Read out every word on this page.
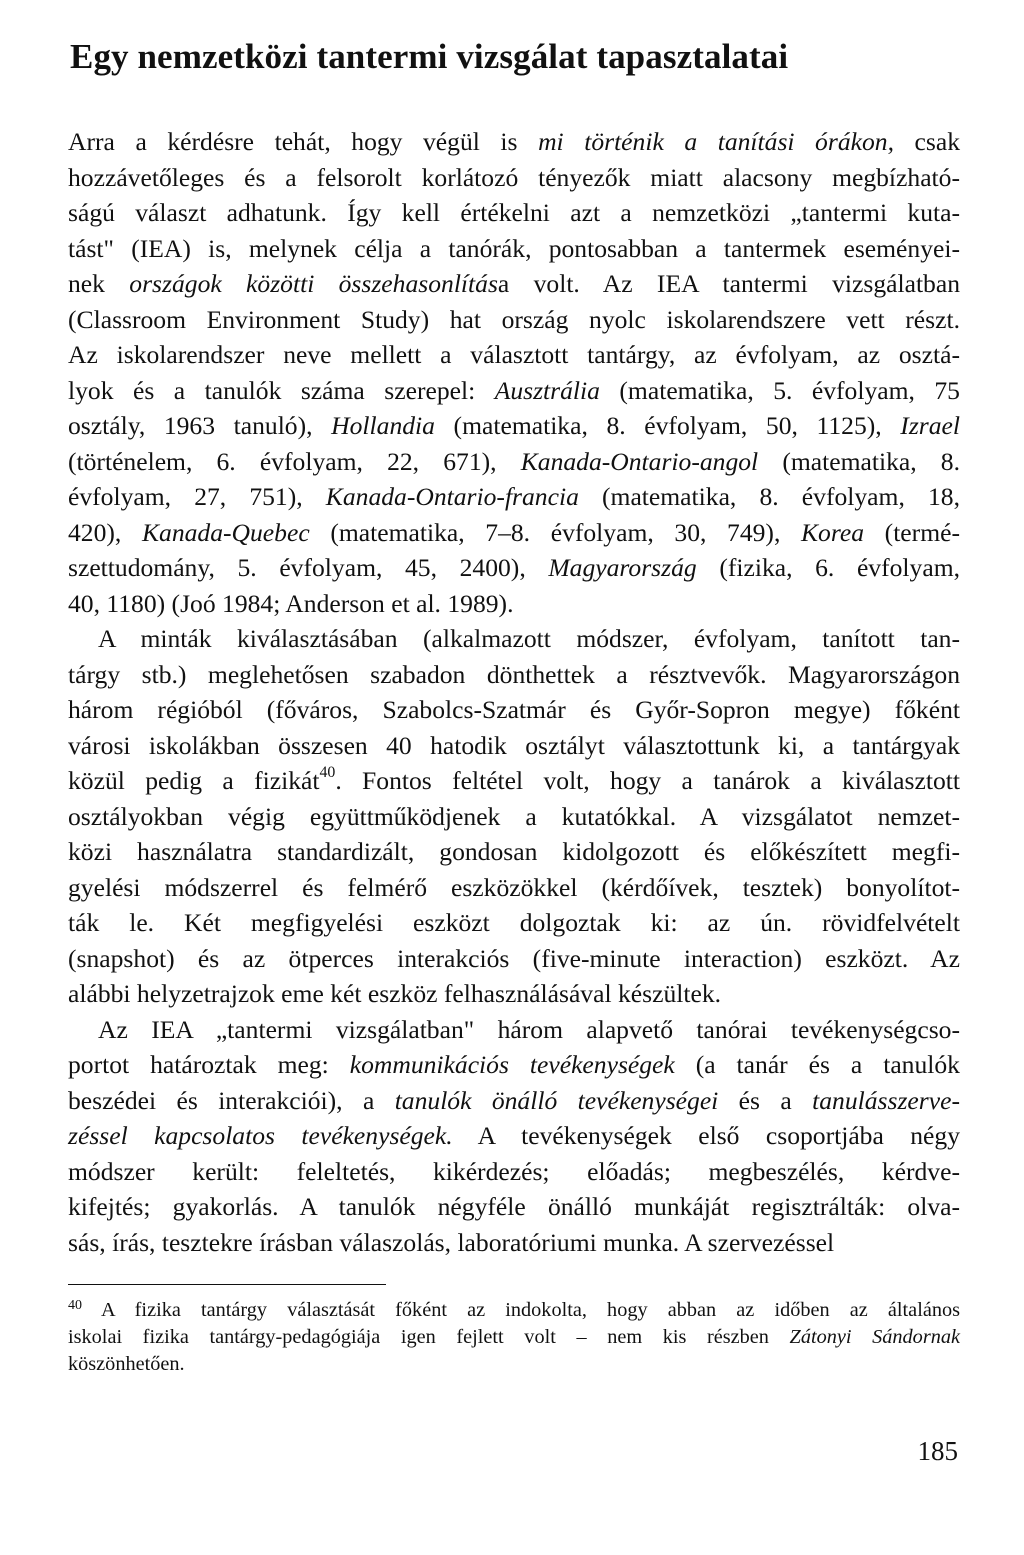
Egy nemzetközi tantermi vizsgálat tapasztalatai
Arra a kérdésre tehát, hogy végül is mi történik a tanítási órákon, csak
hozzávetőleges és a felsorolt korlátozó tényezők miatt alacsony megbízható-
ságú választ adhatunk. Így kell értékelni azt a nemzetközi „tantermi kuta-
tást" (IEA) is, melynek célja a tanórák, pontosabban a tantermek eseményei-
nek országok közötti összehasonlítása volt. Az IEA tantermi vizsgálatban
(Classroom Environment Study) hat ország nyolc iskolarendszere vett részt.
Az iskolarendszer neve mellett a választott tantárgy, az évfolyam, az osztá-
lyok és a tanulók száma szerepel: Ausztrália (matematika, 5. évfolyam, 75
osztály, 1963 tanuló), Hollandia (matematika, 8. évfolyam, 50, 1125), Izrael
(történelem, 6. évfolyam, 22, 671), Kanada-Ontario-angol (matematika, 8.
évfolyam, 27, 751), Kanada-Ontario-francia (matematika, 8. évfolyam, 18,
420), Kanada-Quebec (matematika, 7–8. évfolyam, 30, 749), Korea (termé-
szettudomány, 5. évfolyam, 45, 2400), Magyarország (fizika, 6. évfolyam,
40, 1180) (Joó 1984; Anderson et al. 1989).
A minták kiválasztásában (alkalmazott módszer, évfolyam, tanított tan-
tárgy stb.) meglehetősen szabadon dönthettek a résztvevők. Magyarországon
három régióból (főváros, Szabolcs-Szatmár és Győr-Sopron megye) főként
városi iskolákban összesen 40 hatodik osztályt választottunk ki, a tantárgyak
közül pedig a fizikát$^{40}$. Fontos feltétel volt, hogy a tanárok a kiválasztott
osztályokban végig együttműködjenek a kutatókkal. A vizsgálatot nemzet-
közi használatra standardizált, gondosan kidolgozott és előkészített megfi-
gyelési módszerrel és felmérő eszközökkel (kérdőívek, tesztek) bonyolítot-
ták le. Két megfigyelési eszközt dolgoztak ki: az ún. rövidfelvételt
(snapshot) és az ötperces interakciós (five-minute interaction) eszközt. Az
alábbi helyzetrajzok eme két eszköz felhasználásával készültek.
Az IEA „tantermi vizsgálatban" három alapvető tanórai tevékenységcso-
portot határoztak meg: kommunikációs tevékenységek (a tanár és a tanulók
beszédei és interakciói), a tanulók önálló tevékenységei és a tanulásszerve-
zéssel kapcsolatos tevékenységek. A tevékenységek első csoportjába négy
módszer került: feleltetés, kikérdezés; előadás; megbeszélés, kérdve-
kifejtés; gyakorlás. A tanulók négyféle önálló munkáját regisztrálták: olva-
sás, írás, tesztekre írásban válaszolás, laboratóriumi munka. A szervezéssel
$^{40}$ A fizika tantárgy választását főként az indokolta, hogy abban az időben az általános
iskolai fizika tantárgy-pedagógiája igen fejlett volt – nem kis részben Zátonyi Sándornak
köszönhetően.
185
